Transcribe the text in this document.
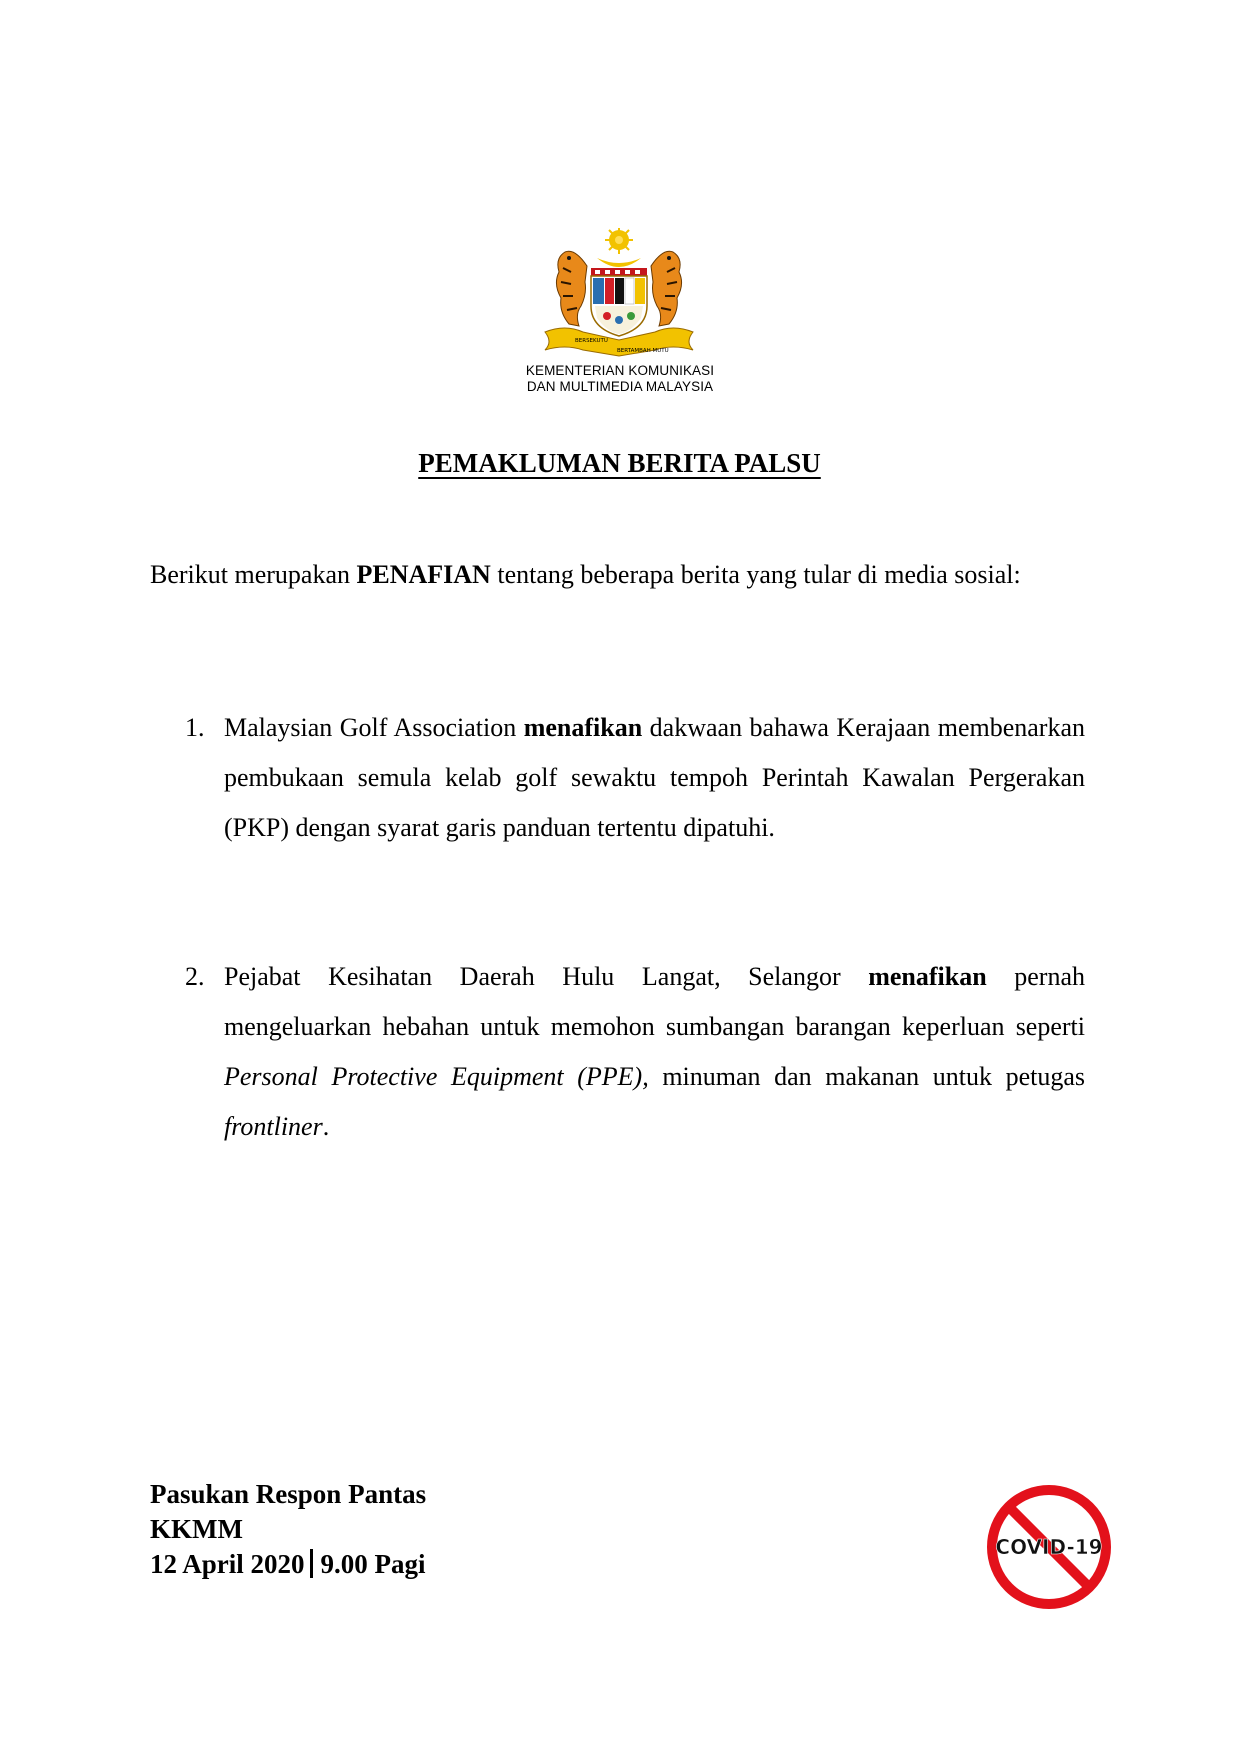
BERSEKUTU
BERTAMBAH MUTU
KEMENTERIAN KOMUNIKASI
DAN MULTIMEDIA MALAYSIA
PEMAKLUMAN BERITA PALSU
Berikut merupakan PENAFIAN tentang beberapa berita yang tular di media sosial:
1. Malaysian Golf Association menafikan dakwaan bahawa Kerajaan membenarkan pembukaan semula kelab golf sewaktu tempoh Perintah Kawalan Pergerakan (PKP) dengan syarat garis panduan tertentu dipatuhi.
2. Pejabat Kesihatan Daerah Hulu Langat, Selangor menafikan pernah mengeluarkan hebahan untuk memohon sumbangan barangan keperluan seperti Personal Protective Equipment (PPE), minuman dan makanan untuk petugas frontliner.
Pasukan Respon Pantas
KKMM
12 April 2020 9.00 Pagi
COVID-19
